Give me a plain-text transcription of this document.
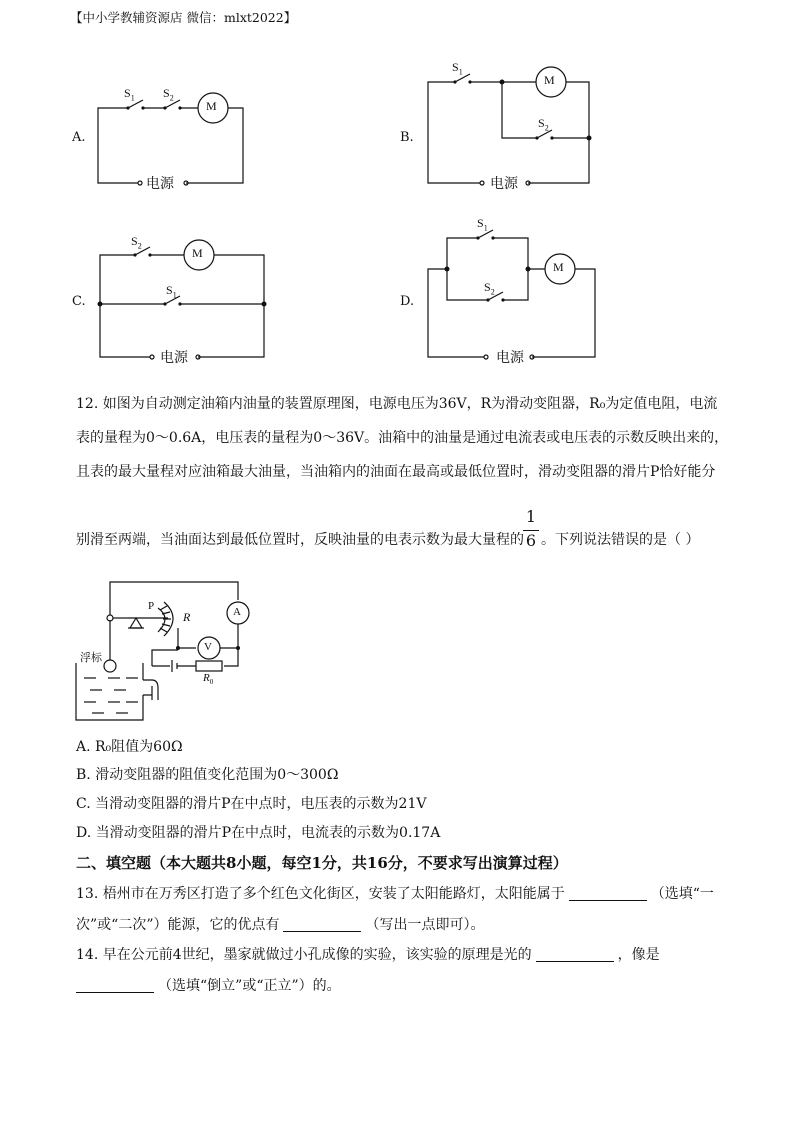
【中小学教辅资源店 微信：mlxt2022】
A.
M
$S_1$ $S_2$
电源
B.
M
$S_1$
$S_2$
电源
C.
M
$S_2$
$S_1$
电源
D.
M
$S_1$
$S_2$
电源
12. 如图为自动测定油箱内油量的装置原理图，电源电压为36V，R为滑动变阻器，R₀为定值电阻，电流
表的量程为0～0.6A，电压表的量程为0～36V。油箱中的油量是通过电流表或电压表的示数反映出来的，
且表的最大量程对应油箱最大油量，当油箱内的油面在最高或最低位置时，滑动变阻器的滑片P恰好能分
别滑至两端，当油面达到最低位置时，反映油量的电表示数为最大量程的
1
6 。下列说法错误的是（ ）
浮标
P
R	A
V
$R_0$
A. R₀阻值为60Ω
B. 滑动变阻器的阻值变化范围为0～300Ω
C. 当滑动变阻器的滑片P在中点时，电压表的示数为21V
D. 当滑动变阻器的滑片P在中点时，电流表的示数为0.17A
二、填空题（本大题共8小题，每空1分，共16分，不要求写出演算过程）
13. 梧州市在万秀区打造了多个红色文化街区，安装了太阳能路灯，太阳能属于	（选填“一
次”或“二次”）能源，它的优点有	（写出一点即可）。
14. 早在公元前4世纪，墨家就做过小孔成像的实验，该实验的原理是光的	，像是
（选填“倒立”或“正立”）的。
